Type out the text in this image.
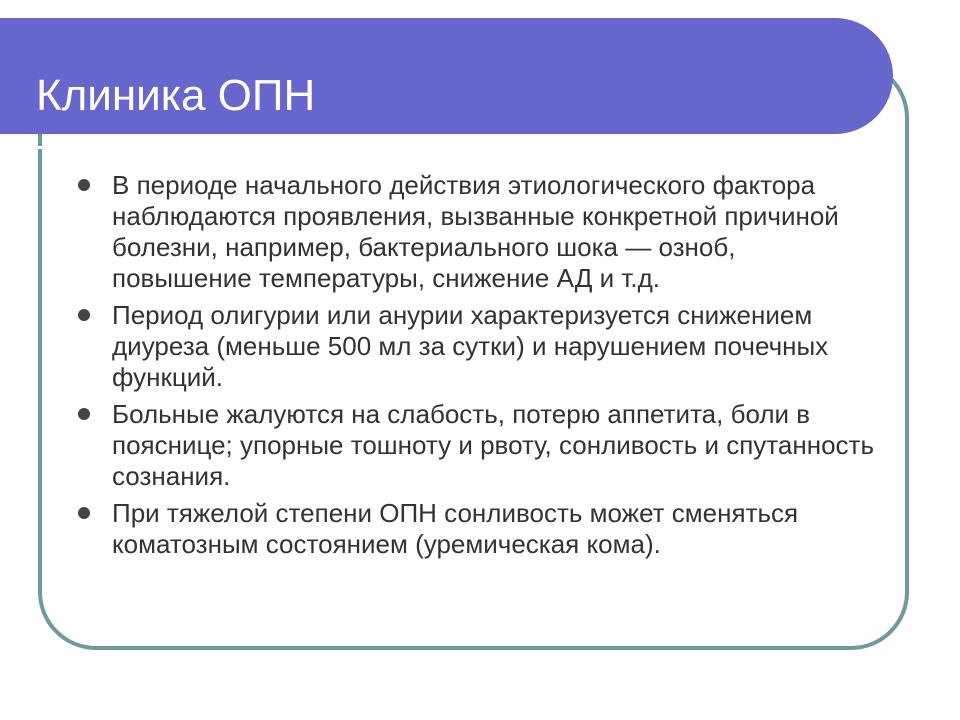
Клиника ОПН
В периоде начального действия этиологического фактора наблюдаются проявления, вызванные конкретной причиной болезни, например, бактериального шока — озноб, повышение температуры, снижение АД и т.д.
Период олигурии или анурии характеризуется снижением диуреза (меньше 500 мл за сутки) и нарушением почечных функций.
Больные жалуются на слабость, потерю аппетита, боли в пояснице; упорные тошноту и рвоту, сонливость и спутанность сознания.
При тяжелой степени ОПН сонливость может сменяться коматозным состоянием (уремическая кома).
